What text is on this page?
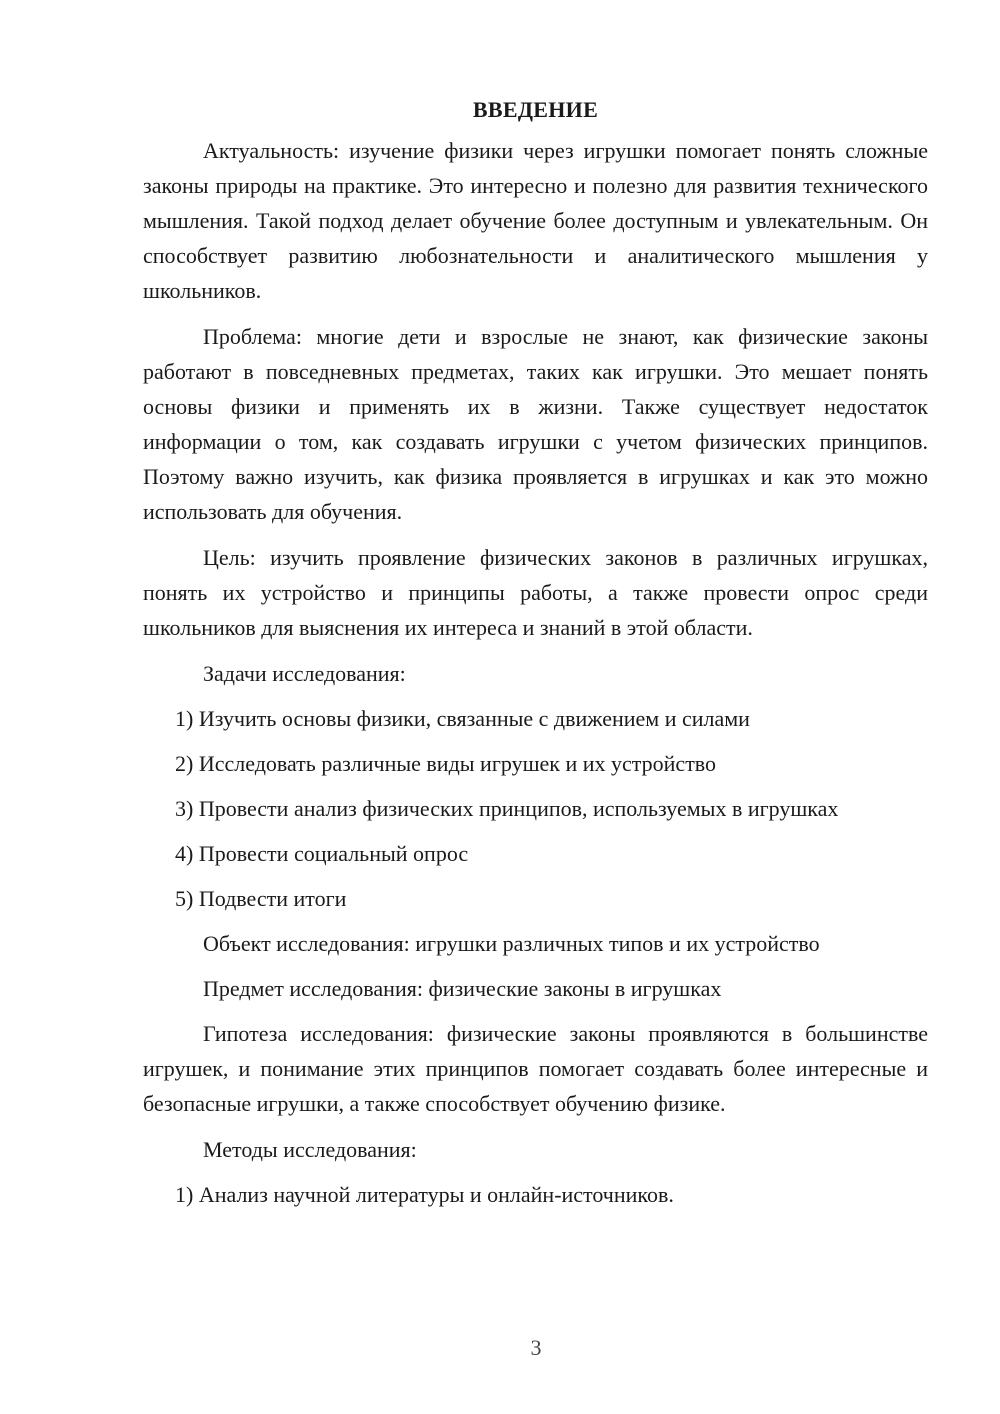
ВВЕДЕНИЕ

Актуальность: изучение физики через игрушки помогает понять сложные законы природы на практике. Это интересно и полезно для развития технического мышления. Такой подход делает обучение более доступным и увлекательным. Он способствует развитию любознательности и аналитического мышления у школьников.

Проблема: многие дети и взрослые не знают, как физические законы работают в повседневных предметах, таких как игрушки. Это мешает понять основы физики и применять их в жизни. Также существует недостаток информации о том, как создавать игрушки с учетом физических принципов. Поэтому важно изучить, как физика проявляется в игрушках и как это можно использовать для обучения.

Цель: изучить проявление физических законов в различных игрушках, понять их устройство и принципы работы, а также провести опрос среди школьников для выяснения их интереса и знаний в этой области.

Задачи исследования:
1) Изучить основы физики, связанные с движением и силами
2) Исследовать различные виды игрушек и их устройство
3) Провести анализ физических принципов, используемых в игрушках
4) Провести социальный опрос
5) Подвести итоги
Объект исследования: игрушки различных типов и их устройство
Предмет исследования: физические законы в игрушках

Гипотеза исследования: физические законы проявляются в большинстве игрушек, и понимание этих принципов помогает создавать более интересные и безопасные игрушки, а также способствует обучению физике.

Методы исследования:
1) Анализ научной литературы и онлайн-источников.
3
